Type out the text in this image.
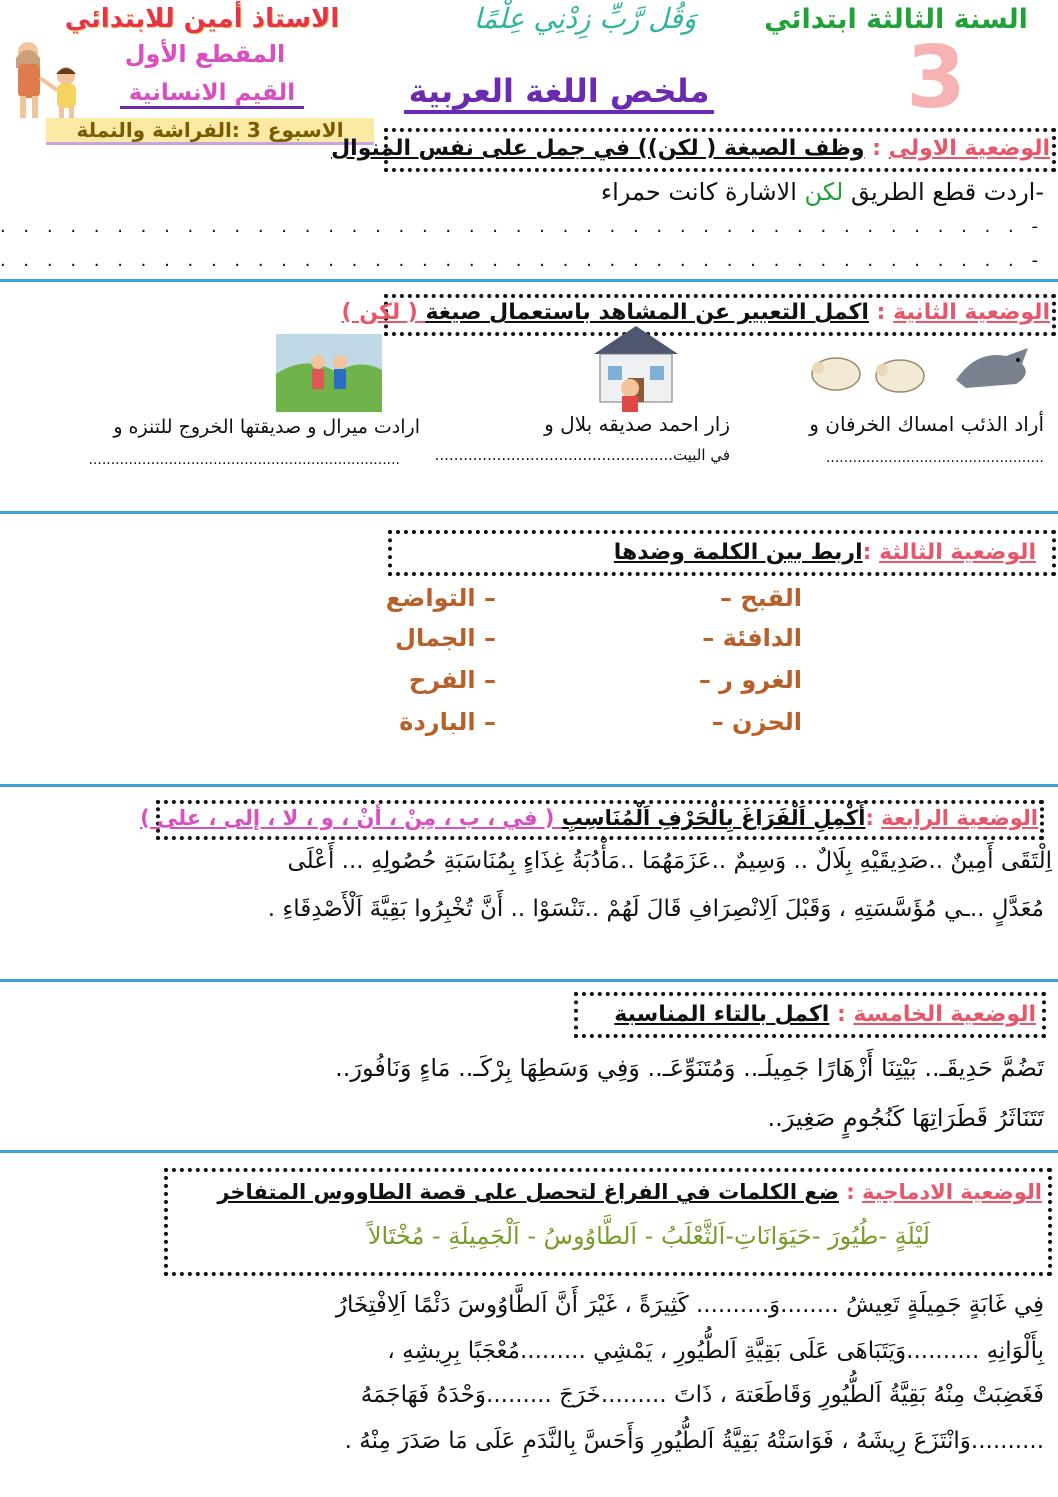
الاستاذ أمين للابتدائي
المقطع الأول
القيم الانسانية
الاسبوع 3 :الفراشة والنملة
وَقُل رَّبِّ زِدْنِي عِلْمًا
ملخص اللغة العربية
السنة الثالثة ابتدائي
3
الوضعية الاولى : وظف الصيغة ( لكن)) في جمل على نفس المنوال
-اردت قطع الطريق لكن الاشارة كانت حمراء
- . . . . . . . . . . . . . . . . . . . . . . . . . . . . . . . . . . . . . . . . . . . .
- . . . . . . . . . . . . . . . . . . . . . . . . . . . . . . . . . . . . . . . . . . . .
الوضعية الثانية : اكمل التعبير عن المشاهد باستعمال صيغة ( لكن )
أراد الذئب امساك الخرفان و
.................................................
زار احمد صديقه بلال و
في البيت..................................................
ارادت ميرال و صديقتها الخروج للتنزه و
......................................................................
الوضعية الثالثة :اربط بين الكلمة وضدها
القبح –
الدافئة –
الغرو ر –
الحزن –
– التواضع
– الجمال
– الفرح
– الباردة
الوضعية الرابعة :أَكْمِلِ اَلْفَرَاغَ بِالْحَرْفِ اَلْمُنَاسِبِ ( في ، ب ، مِنْ ، أنْ ، و ، لا ، إلى ، على )
اِلْتَقَى أَمِينٌ ..صَدِيقَيْهِ بِلَالٌ .. وَسِيمٌ ..عَزَمَهُمَا ..مَأْدُبَةُ غِذَاءٍ بِمُنَاسَبَةِ حُصُولِهِ ... أَعْلَى
مُعَدَّلٍ ..ـي مُؤَسَّسَتِهِ ، وَقَبْلَ اَلِانْصِرَافِ قَالَ لَهُمْ ..تَنْسَوْا .. أَنَّ تُخْبِرُوا بَقِيَّةَ اَلْأَصْدِقَاءِ .
الوضعية الخامسة : اكمل بالتاء المناسبة
تَضُمَّ حَدِيقَـ.. بَيْتِنَا أَزْهَارًا جَمِيلَـ.. وَمُتَنَوِّعَـ.. وَفِي وَسَطِهَا بِرْكَـ.. مَاءٍ وَنَافُورَ..
تَتَنَاثَرُ قَطَرَاتِهَا كَنُجُومٍ صَغِيرَ..
الوضعية الادماجية : ضع الكلمات في الفراغ لتحصل على قصة الطاووس المتفاخر
لَيْلَةٍ -طُيُورَ -حَيَوَانَاتِ-اَلثَّعْلَبُ - اَلطَّاوُوسُ - اَلْجَمِيلَةِ - مُخْتَالاً
فِي غَابَةٍ جَمِيلَةٍ تَعِيشُ ........وَ.......... كَثِيرَةً ، غَيْرَ أَنَّ اَلطَّاوُوسَ دَئْمًا اَلِافْتِخَارُ
بِأَلْوَانِهِ ..........وَيَتَبَاهَى عَلَى بَقِيَّةِ اَلطُّيُورِ ، يَمْشِي .........مُعْجَبًا بِرِيشِهِ ،
فَغَضِبَتْ مِنْهُ بَقِيَّةُ اَلطُّيُورِ وَقَاطَعَتهَ ، ذَاتَ .........خَرَجَ .........وَحْدَهُ فَهَاجَمَهُ
..........وَانْتَزَعَ رِيشَهُ ، فَوَاسَتْهُ بَقِيَّةُ اَلطُّيُورِ وَأَحَسَّ بِالنَّدَمِ عَلَى مَا صَدَرَ مِنْهُ .
